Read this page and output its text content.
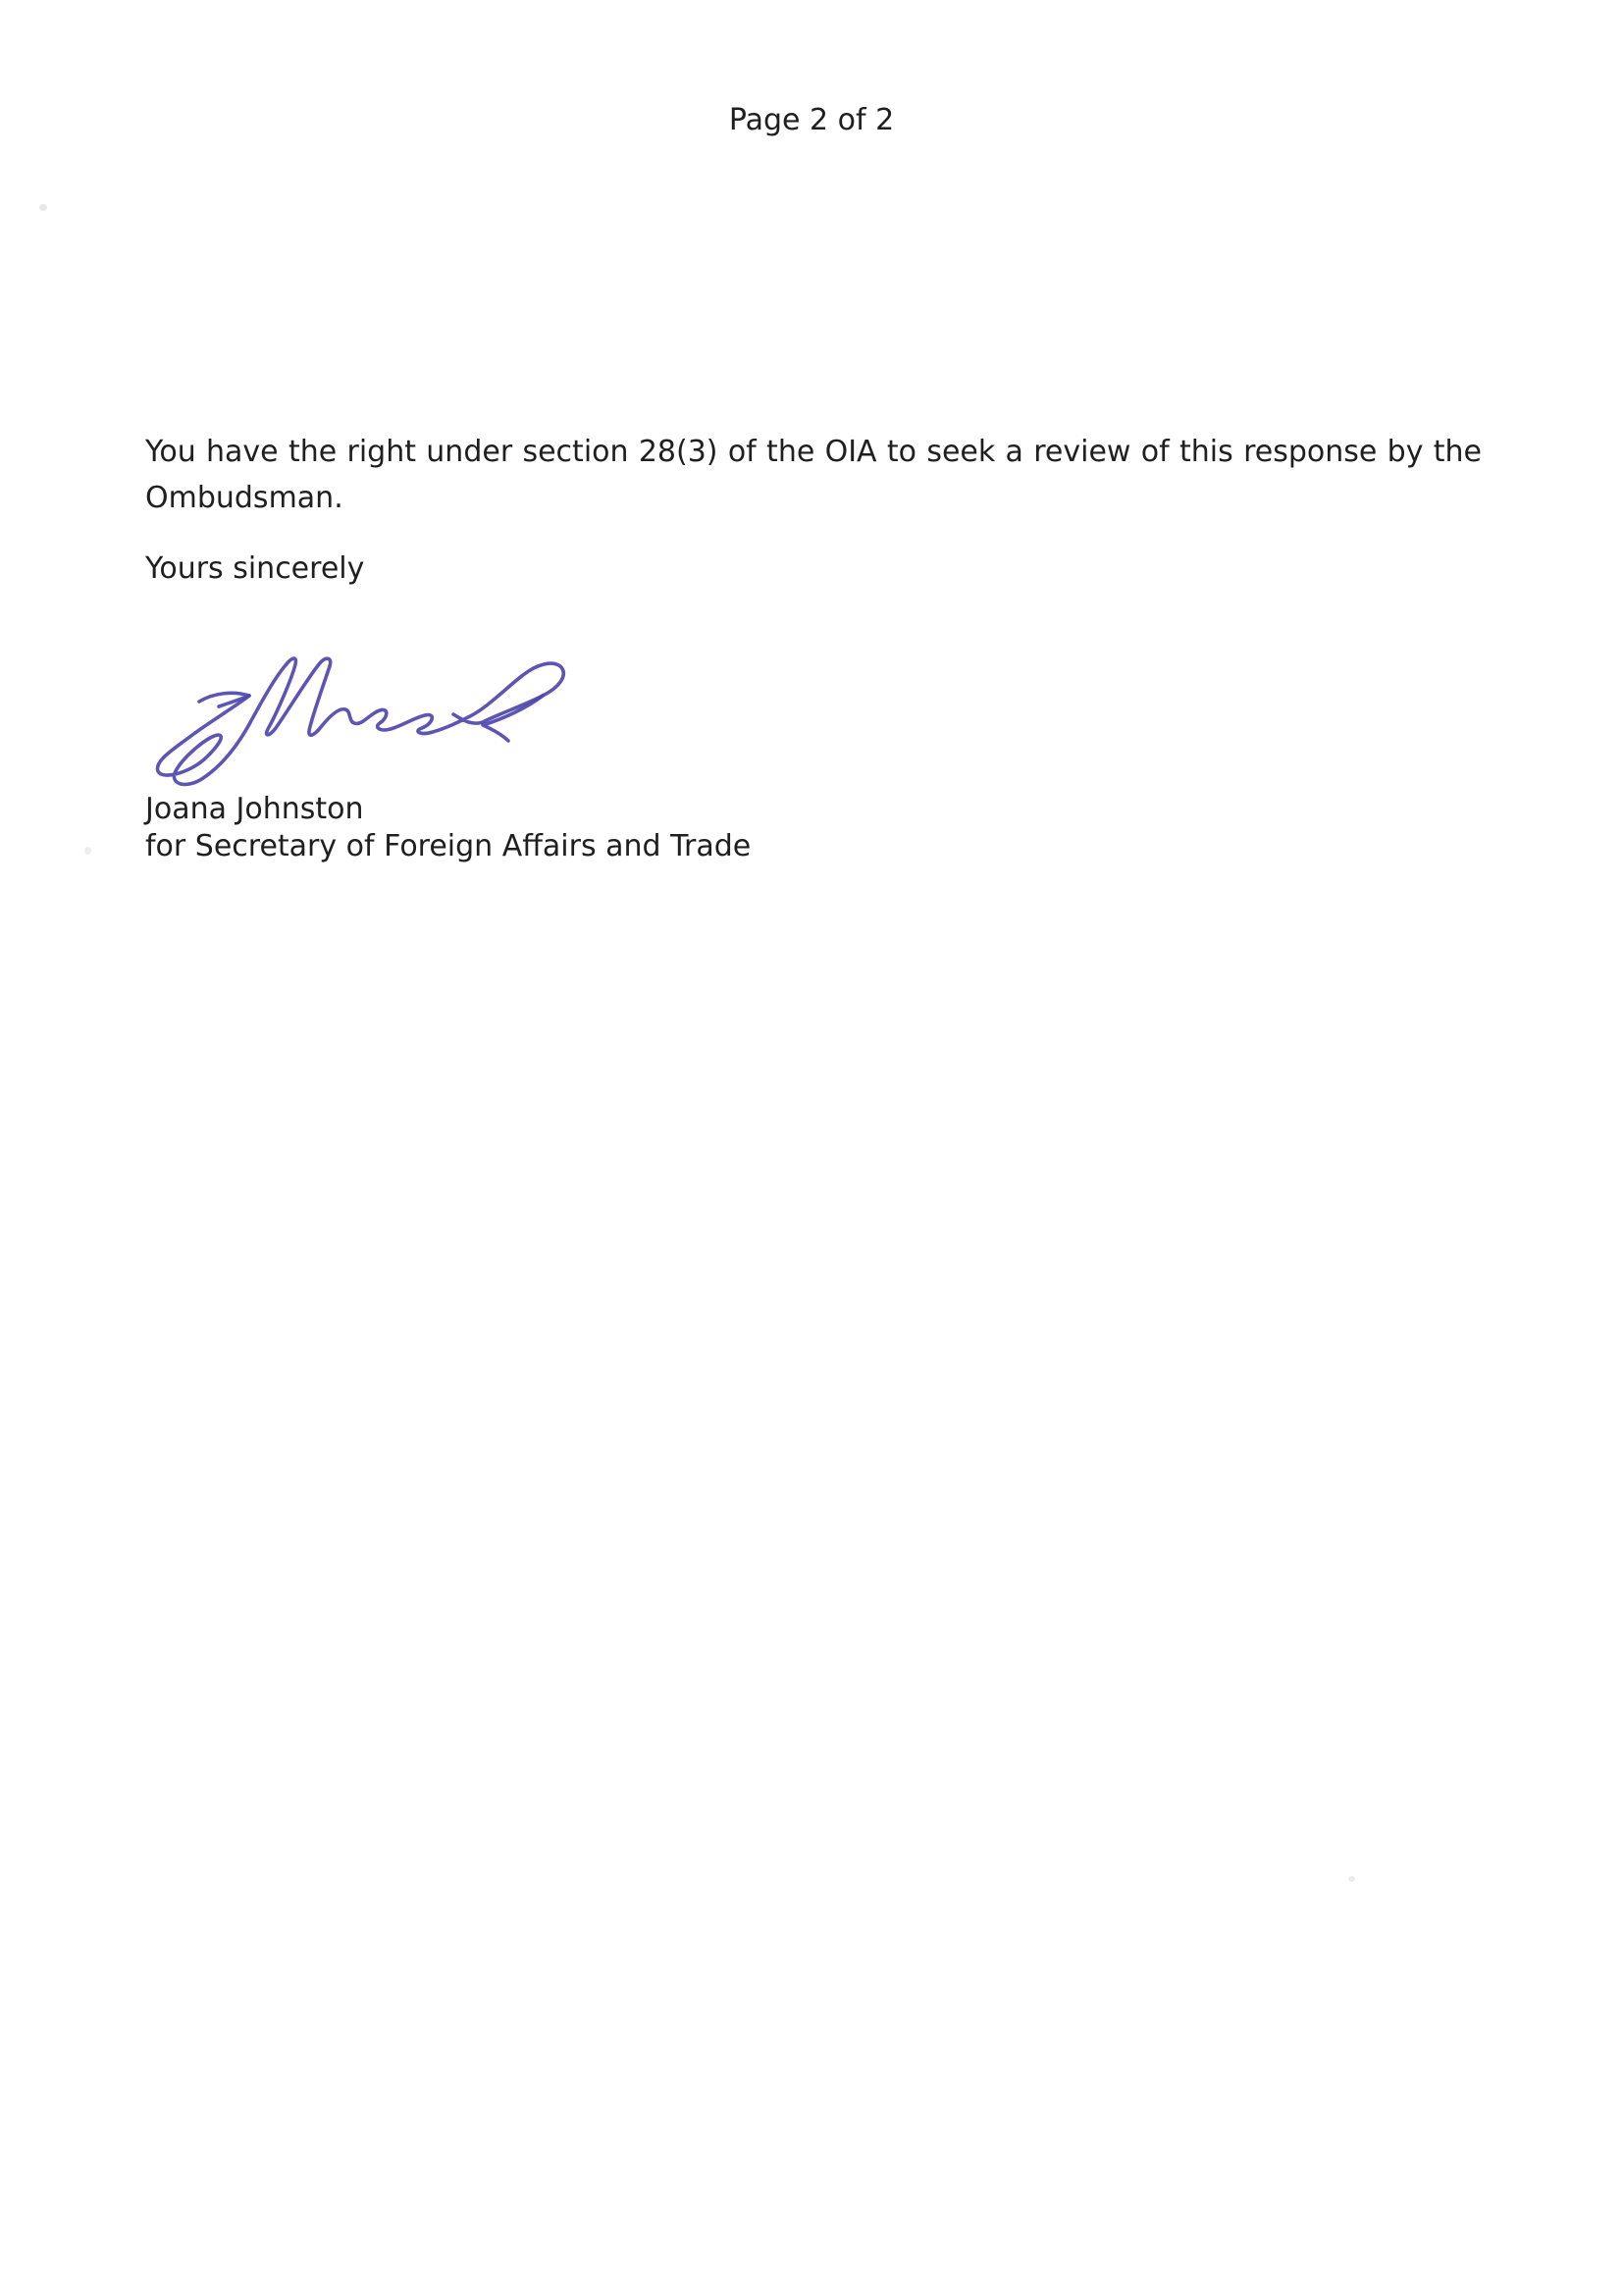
Page 2 of 2
You have the right under section 28(3) of the OIA to seek a review of this response by the
Ombudsman.
Yours sincerely
Joana Johnston
for Secretary of Foreign Affairs and Trade
